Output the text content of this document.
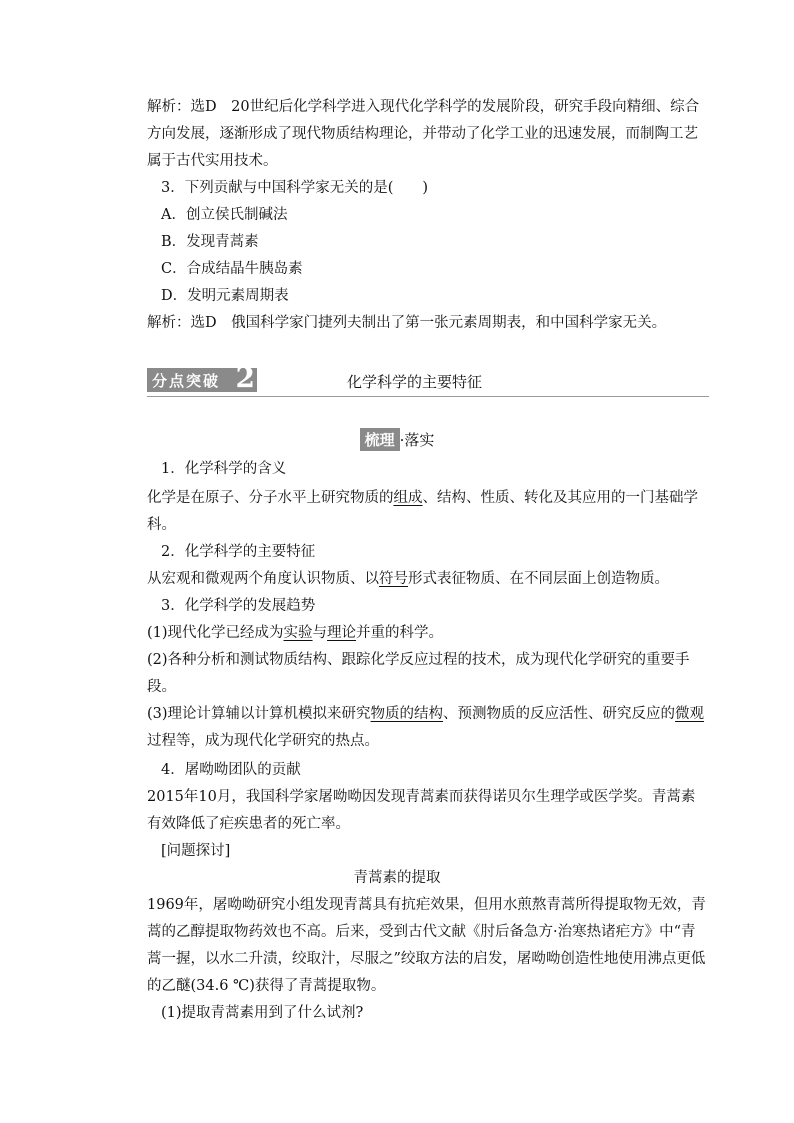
解析：选D　20世纪后化学科学进入现代化学科学的发展阶段，研究手段向精细、综合方向发展，逐渐形成了现代物质结构理论，并带动了化学工业的迅速发展，而制陶工艺属于古代实用技术。

3．下列贡献与中国科学家无关的是(　　)

A．创立侯氏制碱法

B．发现青蒿素

C．合成结晶牛胰岛素

D．发明元素周期表

解析：选D　俄国科学家门捷列夫制出了第一张元素周期表，和中国科学家无关。

分点突破 2	化学科学的主要特征
梳理 ·落实

1．化学科学的含义

化学是在原子、分子水平上研究物质的组成、结构、性质、转化及其应用的一门基础学科。

2．化学科学的主要特征

从宏观和微观两个角度认识物质、以符号形式表征物质、在不同层面上创造物质。

3．化学科学的发展趋势

(1)现代化学已经成为实验与理论并重的科学。

(2)各种分析和测试物质结构、跟踪化学反应过程的技术，成为现代化学研究的重要手段。

(3)理论计算辅以计算机模拟来研究物质的结构、预测物质的反应活性、研究反应的微观过程等，成为现代化学研究的热点。

4．屠呦呦团队的贡献

2015年10月，我国科学家屠呦呦因发现青蒿素而获得诺贝尔生理学或医学奖。青蒿素有效降低了疟疾患者的死亡率。

[问题探讨]

青蒿素的提取

1969年，屠呦呦研究小组发现青蒿具有抗疟效果，但用水煎熬青蒿所得提取物无效，青蒿的乙醇提取物药效也不高。后来，受到古代文献《肘后备急方·治寒热诸疟方》中“青蒿一握，以水二升渍，绞取汁，尽服之”绞取方法的启发，屠呦呦创造性地使用沸点更低的乙醚(34.6 ℃)获得了青蒿提取物。

(1)提取青蒿素用到了什么试剂?
